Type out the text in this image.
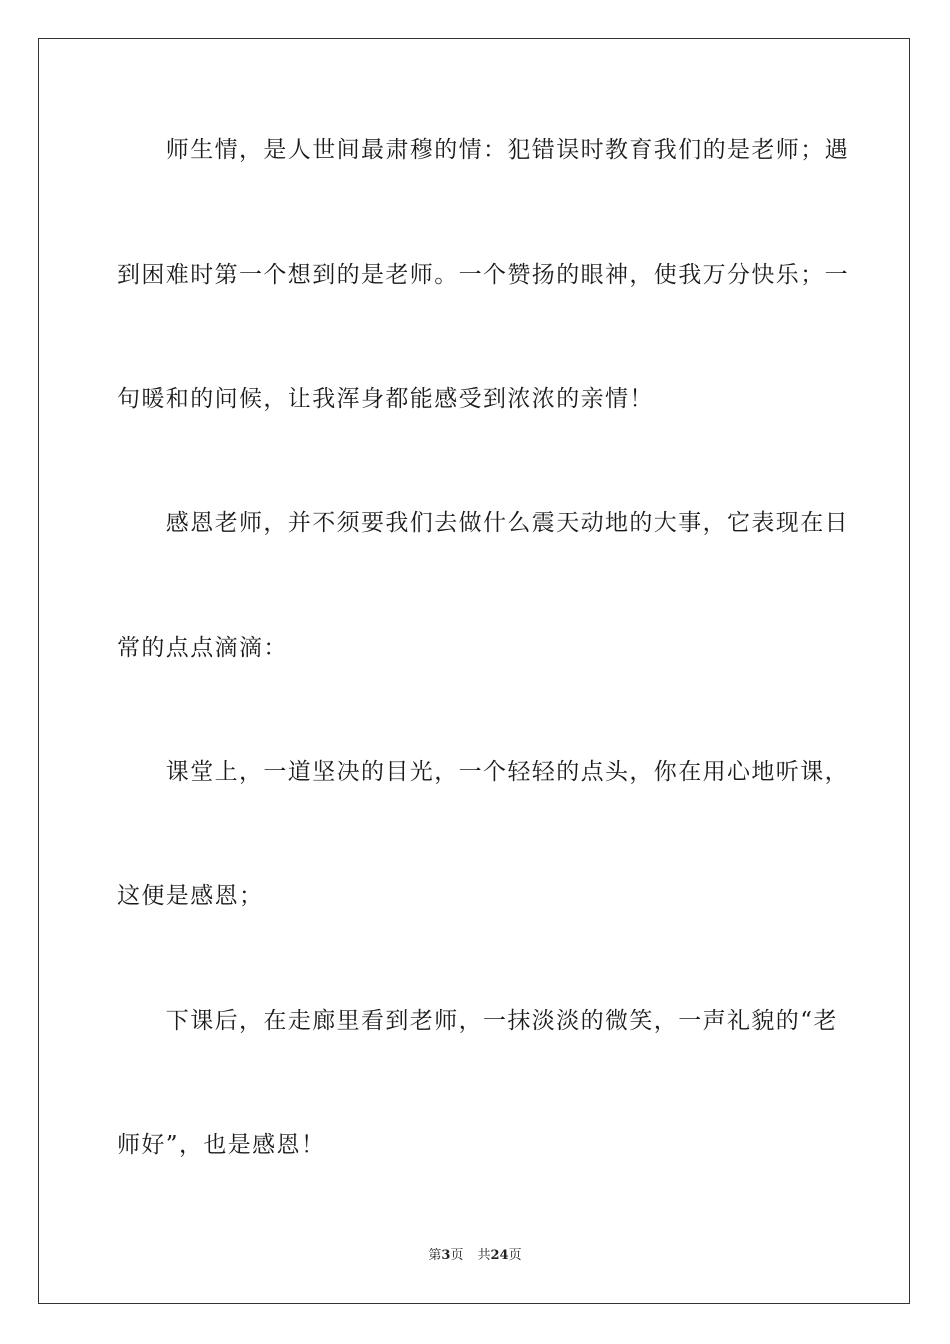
　　师生情，是人世间最肃穆的情：犯错误时教育我们的是老师；遇
到困难时第一个想到的是老师。一个赞扬的眼神，使我万分快乐；一
句暖和的问候，让我浑身都能感受到浓浓的亲情！
　　感恩老师，并不须要我们去做什么震天动地的大事，它表现在日
常的点点滴滴：
　　课堂上，一道坚决的目光，一个轻轻的点头，你在用心地听课，
这便是感恩；
　　下课后，在走廊里看到老师，一抹淡淡的微笑，一声礼貌的“老
师好”，也是感恩！
第3页 共24页
